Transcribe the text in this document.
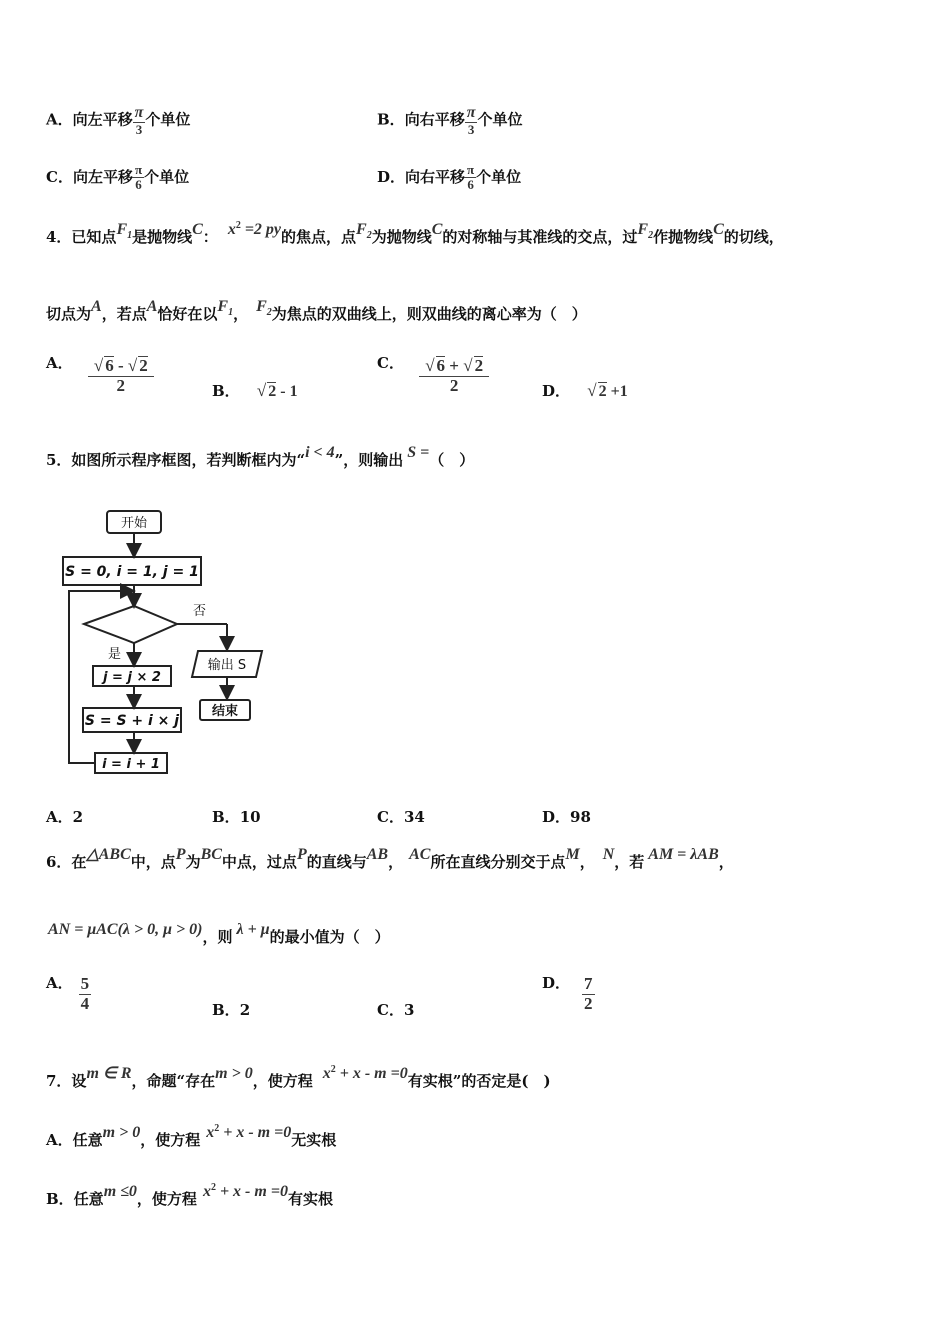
A．向左平移 $\frac{\pi}{3}$ 个单位	B．向右平移 $\frac{\pi}{3}$ 个单位
C．向左平移 $\frac{\pi}{6}$ 个单位	D．向右平移 $\frac{\pi}{6}$ 个单位
4．已知点$F^1$是抛物线C： $x^2 =2$ py的焦点，点$F^2$为抛物线C的对称轴与其准线的交点，过$F^2$作抛物线C的切线，
切点为A，若点A恰好在以$F^1$， $F^2$为焦点的双曲线上，则双曲线的离心率为（　）
A． $\frac{√ 6 - √ 2}{2}$	B． √ 2 - 1
C． $\frac{√ 6 + √ 2}{2}$	D． √ 2 +1
5．如图所示程序框图，若判断框内为“i < 4”，则输出 S =（　）
开始
S = 0, i = 1, j = 1
否
是
输出 S
结束
j = j × 2
S = S + i × j
i = i + 1
A．2	B．10	C．34	D．98
6．在△ABC中，点P为BC中点，过点P的直线与AB， AC所在直线分别交于点M， N，若 AM = λAB，
AN = μAC(λ > 0, μ > 0)，则 λ + μ的最小值为（　）
A． $\frac{5}{4}$	B．2	C．3
D． $\frac{7}{2}$
7．设m ∈ R，命题“存在m > 0，使方程 $x^2 + x - m =0$有实根”的否定是(　)
A．任意m > 0，使方程 $x^2 + x - m =0$无实根
B．任意m ≤0，使方程 $x^2 + x - m =0$有实根
